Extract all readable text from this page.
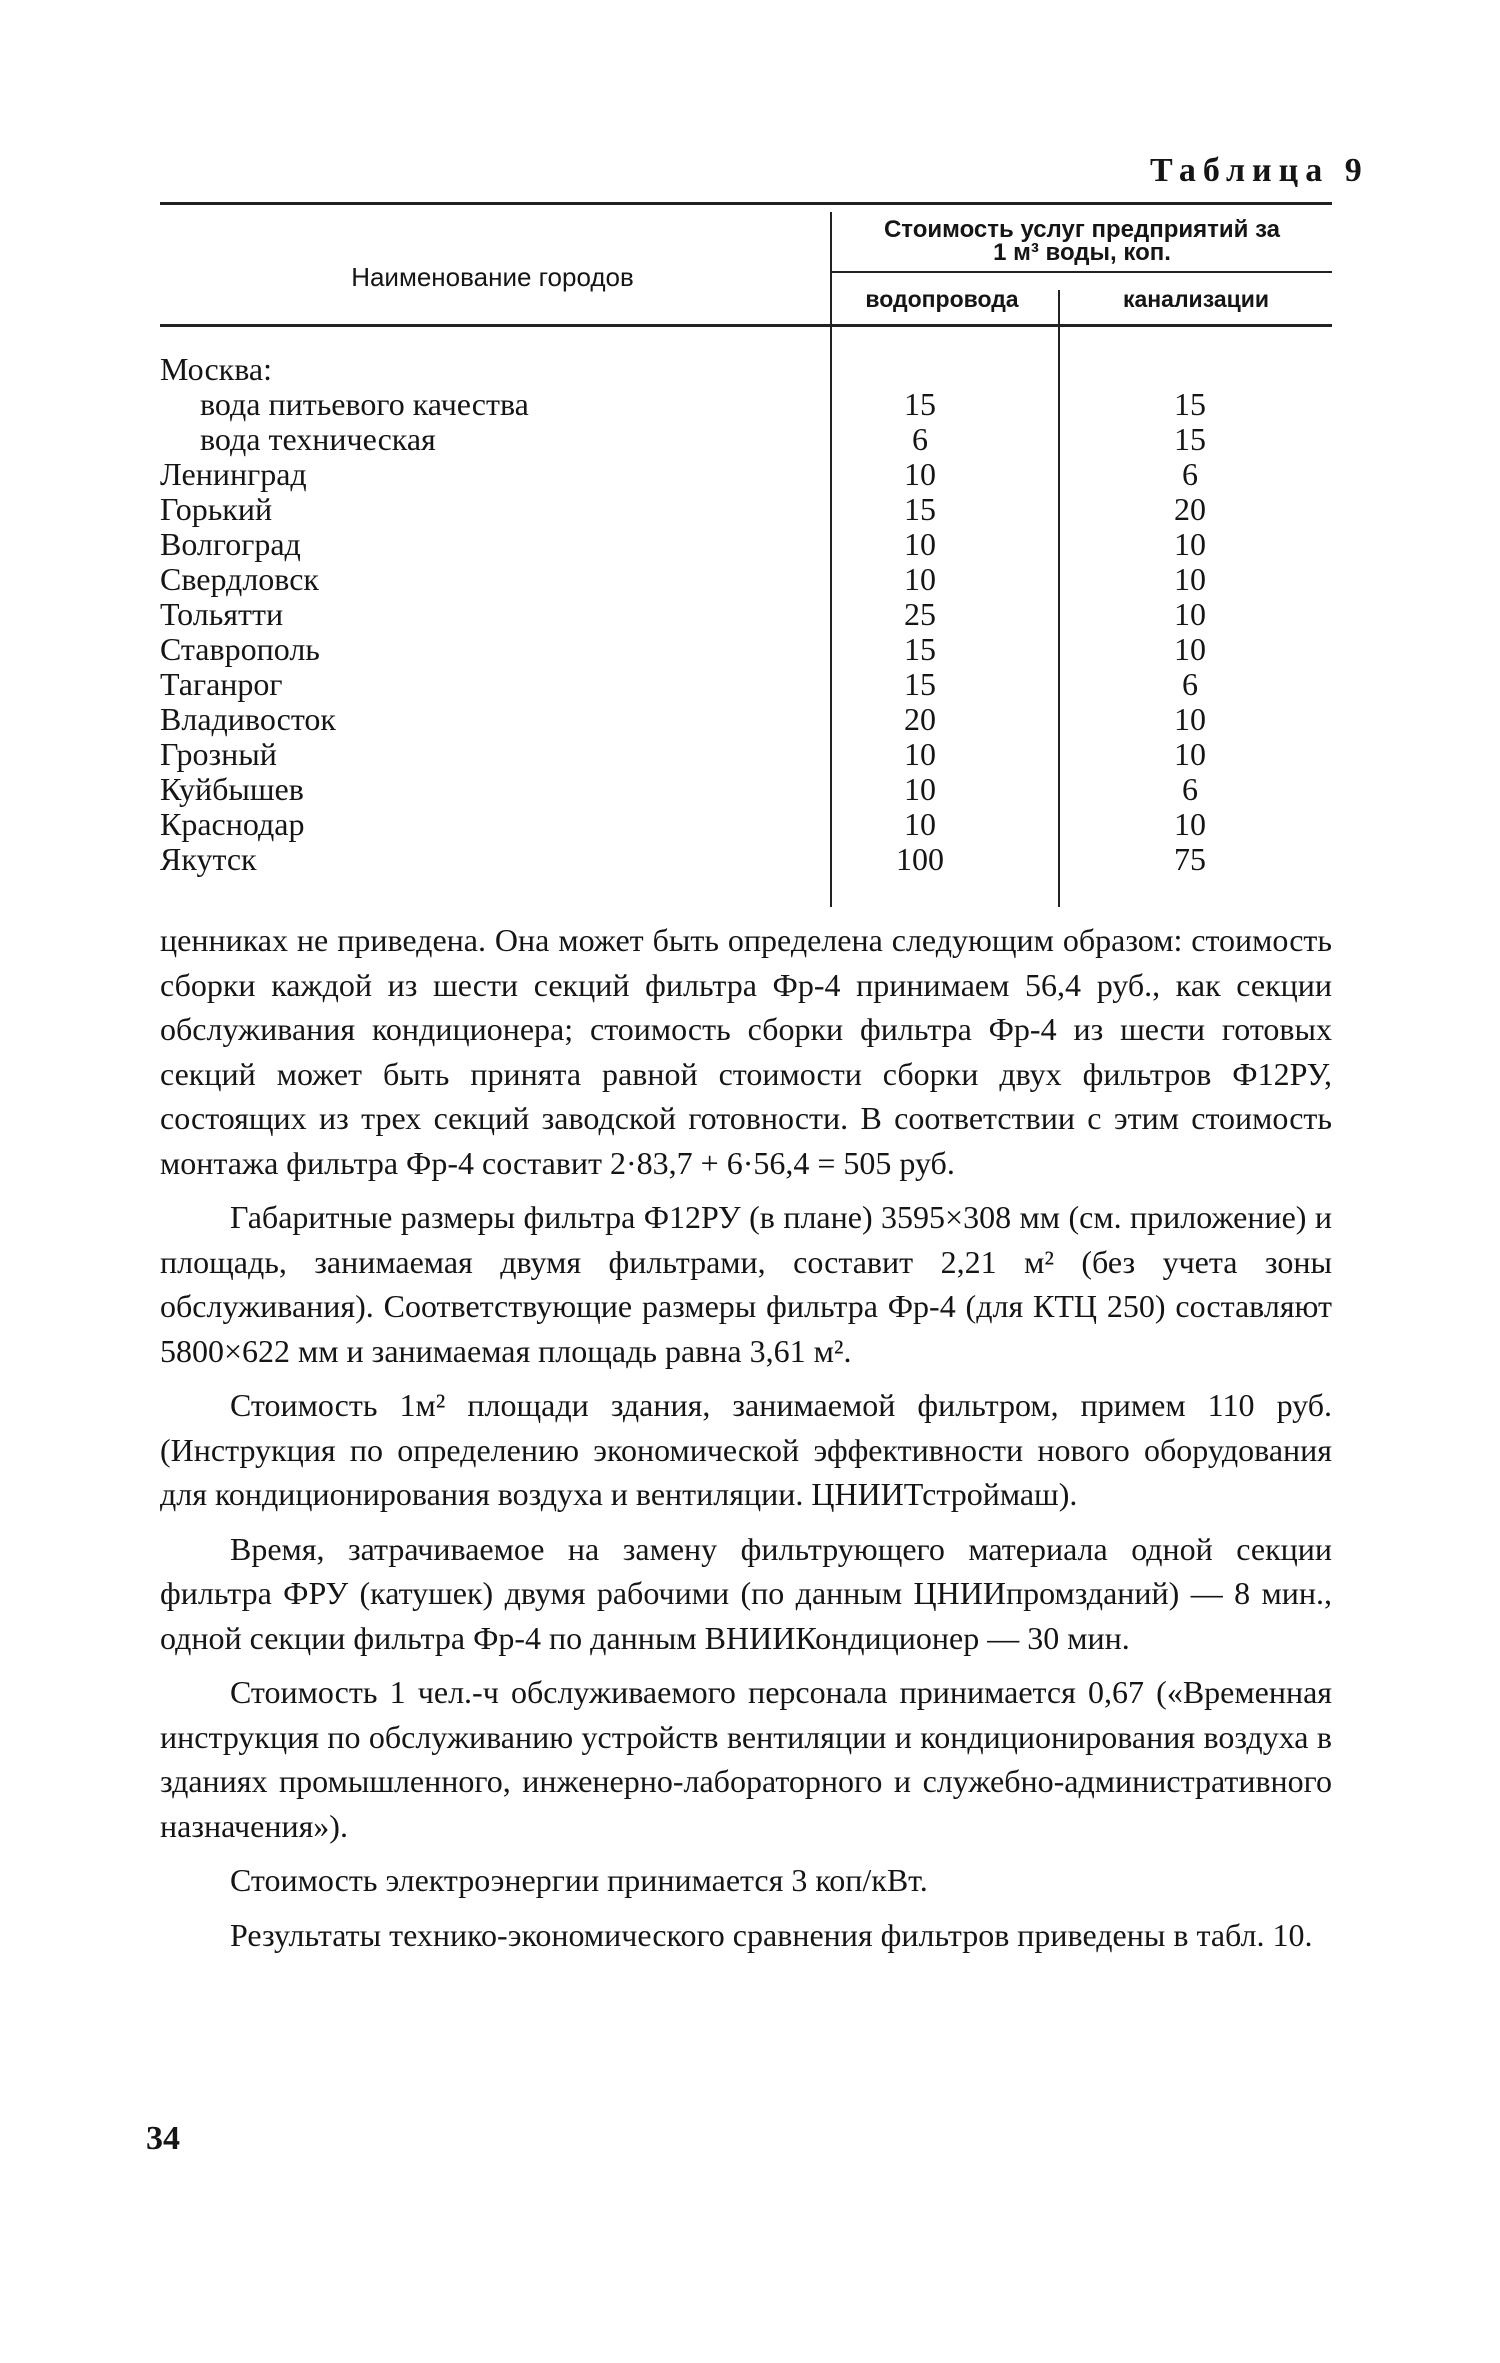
Таблица 9
Наименование городов
Стоимость услуг предприятий за
1 м³ воды, коп.
водопровода	канализации
Москва:
вода питьевого качества	15	15
вода техническая	6	15
Ленинград	10	6
Горький	15	20
Волгоград	10	10
Свердловск	10	10
Тольятти	25	10
Ставрополь	15	10
Таганрог	15	6
Владивосток	20	10
Грозный	10	10
Куйбышев	10	6
Краснодар	10	10
Якутск	100	75

ценниках не приведена. Она может быть определена следующим образом: стоимость сборки каждой из шести секций фильтра Фр-4 принимаем 56,4 руб., как секции обслуживания кондиционера; стоимость сборки фильтра Фр-4 из шести готовых секций может быть принята равной стоимости сборки двух фильтров Ф12РУ, состоящих из трех секций заводской готовности. В соответствии с этим стоимость монтажа фильтра Фр-4 составит 2·83,7 + 6·56,4 = 505 руб.

Габаритные размеры фильтра Ф12РУ (в плане) 3595×308 мм (см. приложение) и площадь, занимаемая двумя фильтрами, составит 2,21 м² (без учета зоны обслуживания). Соответствующие размеры фильтра Фр-4 (для КТЦ 250) составляют 5800×622 мм и занимаемая площадь равна 3,61 м².

Стоимость 1м² площади здания, занимаемой фильтром, примем 110 руб. (Инструкция по определению экономической эффективности нового оборудования для кондиционирования воздуха и вентиляции. ЦНИИТстроймаш).

Время, затрачиваемое на замену фильтрующего материала одной секции фильтра ФРУ (катушек) двумя рабочими (по данным ЦНИИпромзданий) — 8 мин., одной секции фильтра Фр-4 по данным ВНИИКондиционер — 30 мин.

Стоимость 1 чел.-ч обслуживаемого персонала принимается 0,67 («Временная инструкция по обслуживанию устройств вентиляции и кондиционирования воздуха в зданиях промышленного, инженерно-лабораторного и служебно-административного назначения»).

Стоимость электроэнергии принимается 3 коп/кВт.

Результаты технико-экономического сравнения фильтров приведены в табл. 10.

34
